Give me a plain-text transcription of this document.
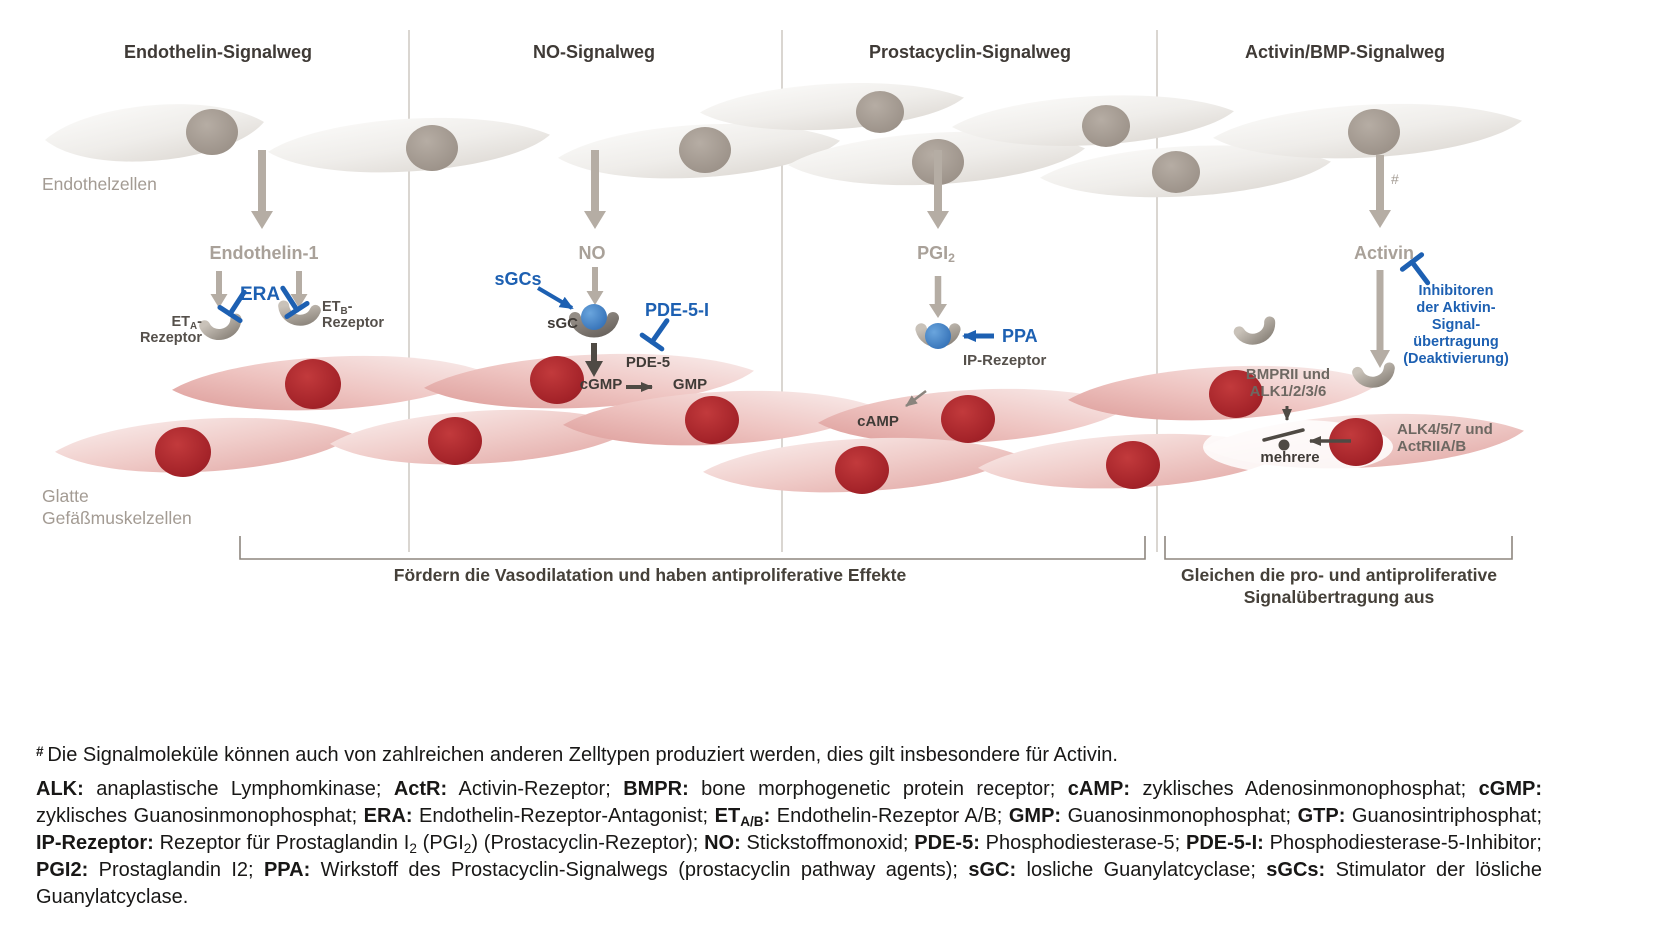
Endothelin-Signalweg	NO-Signalweg	Prostacyclin-Signalweg	Activin/BMP-Signalweg
Endothelzellen
Glatte
Gefäßmuskelzellen
Endothelin-1
ERA
$ET_A-$
Rezeptor
$ET_B-$
Rezeptor
NO
sGCs
sGC
PDE-5-I
PDE-5
cGMP	GMP
$PGI_2$
PPA
IP-Rezeptor
cAMP
Activin
#
Inhibitoren
der Aktivin-
Signal-
übertragung
(Deaktivierung)
BMPRII und
ALK1/2/3/6
ALK4/5/7 und
ActRIIA/B
mehrere
Fördern die Vasodilatation und haben antiproliferative Effekte	Gleichen die pro- und antiproliferative
Signalübertragung aus
# Die Signalmoleküle können auch von zahlreichen anderen Zelltypen produziert werden, dies gilt insbesondere für Activin.
ALK: anaplastische Lymphomkinase; ActR: Activin-Rezeptor; BMPR: bone morphogenetic protein receptor; cAMP: zyklisches Adenosinmonophosphat; cGMP: zyklisches Guanosinmonophosphat; ERA: Endothelin-Rezeptor-Antagonist; $ET_{A/B}$: Endothelin-Rezeptor A/B; GMP: Guanosinmonophosphat; GTP: Guanosintriphosphat; IP-Rezeptor: Rezeptor für Prostaglandin $I_2$ $(PGI_2)$ (Prostacyclin-Rezeptor); NO: Stickstoffmonoxid; PDE-5: Phosphodiesterase-5; PDE-5-I: Phosphodiesterase-5-Inhibitor; PGI2: Prostaglandin I2; PPA: Wirkstoff des Prostacyclin-Signalwegs (prostacyclin pathway agents); sGC: losliche Guanylatcyclase; sGCs: Stimulator der lösliche Guanylatcyclase.
